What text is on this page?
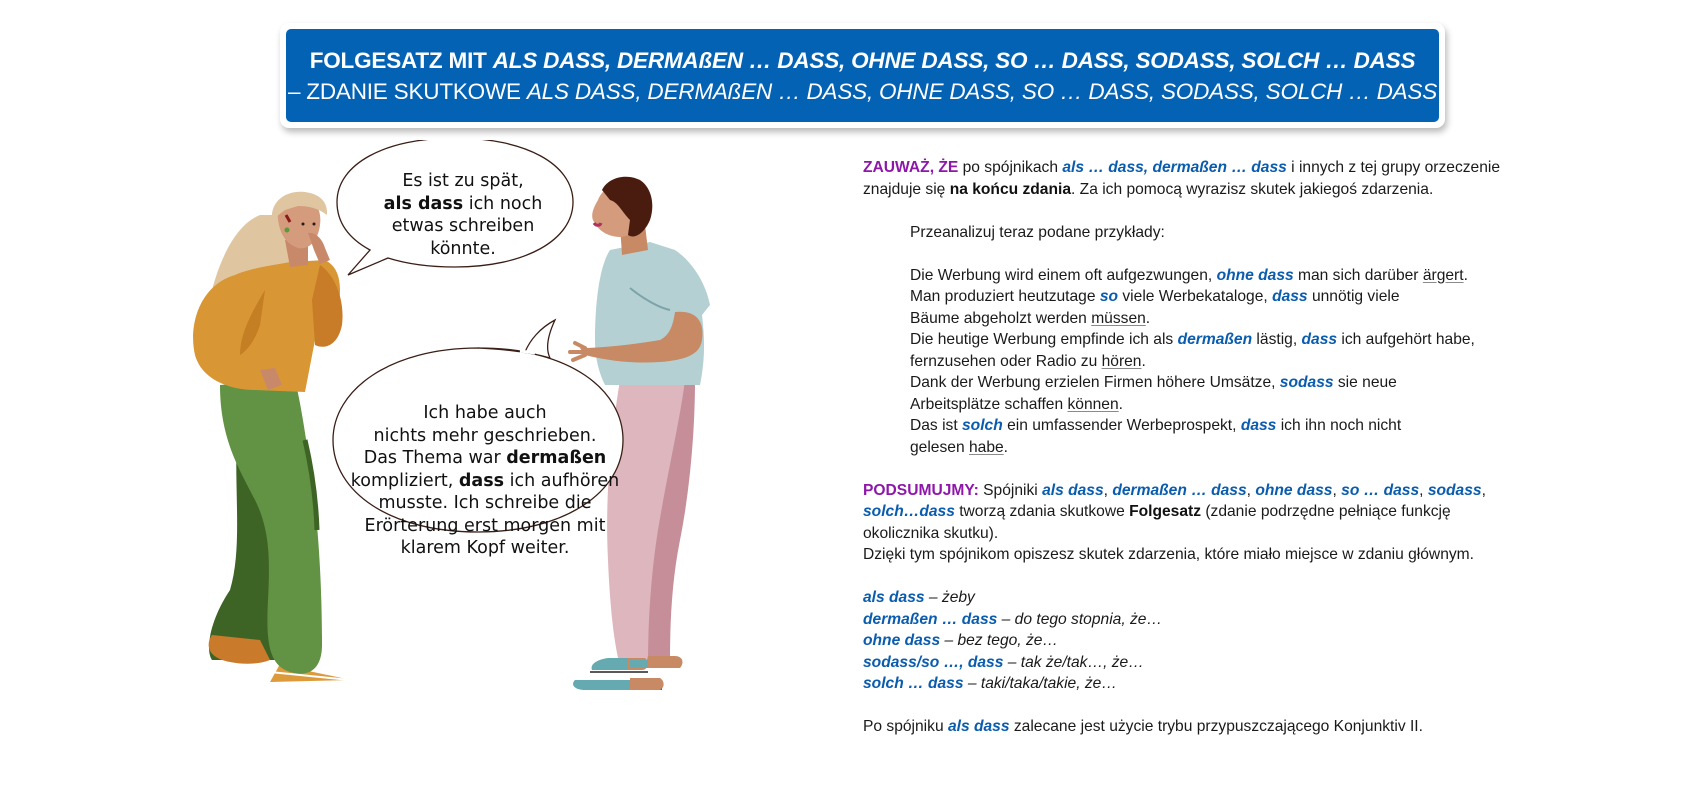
FOLGESATZ MIT ALS DASS, DERMAßEN … DASS, OHNE DASS, SO … DASS, SODASS, SOLCH … DASS
– ZDANIE SKUTKOWE ALS DASS, DERMAßEN … DASS, OHNE DASS, SO … DASS, SODASS, SOLCH … DASS
Es ist zu spät,
als dass ich noch
etwas schreiben
könnte.
Ich habe auch
nichts mehr geschrieben.
Das Thema war dermaßen
kompliziert, dass ich aufhören
musste. Ich schreibe die
Erörterung erst morgen mit
klarem Kopf weiter.

ZAUWAŻ, ŻE po spójnikach als … dass, dermaßen … dass i innych z tej grupy orzeczenie

znajduje się na końcu zdania. Za ich pomocą wyrazisz skutek jakiegoś zdarzenia.

Przeanalizuj teraz podane przykłady:

Die Werbung wird einem oft aufgezwungen, ohne dass man sich darüber ärgert.

Man produziert heutzutage so viele Werbekataloge, dass unnötig viele

Bäume abgeholzt werden müssen.

Die heutige Werbung empfinde ich als dermaßen lästig, dass ich aufgehört habe,

fernzusehen oder Radio zu hören.

Dank der Werbung erzielen Firmen höhere Umsätze, sodass sie neue

Arbeitsplätze schaffen können.

Das ist solch ein umfassender Werbeprospekt, dass ich ihn noch nicht

gelesen habe.

PODSUMUJMY: Spójniki als dass, dermaßen … dass, ohne dass, so … dass, sodass,

solch…dass tworzą zdania skutkowe Folgesatz (zdanie podrzędne pełniące funkcję

okolicznika skutku).

Dzięki tym spójnikom opiszesz skutek zdarzenia, które miało miejsce w zdaniu głównym.

als dass – żeby

dermaßen … dass – do tego stopnia, że…

ohne dass – bez tego, że…

sodass/so …, dass – tak że/tak…, że…

solch … dass – taki/taka/takie, że…

Po spójniku als dass zalecane jest użycie trybu przypuszczającego Konjunktiv II.
